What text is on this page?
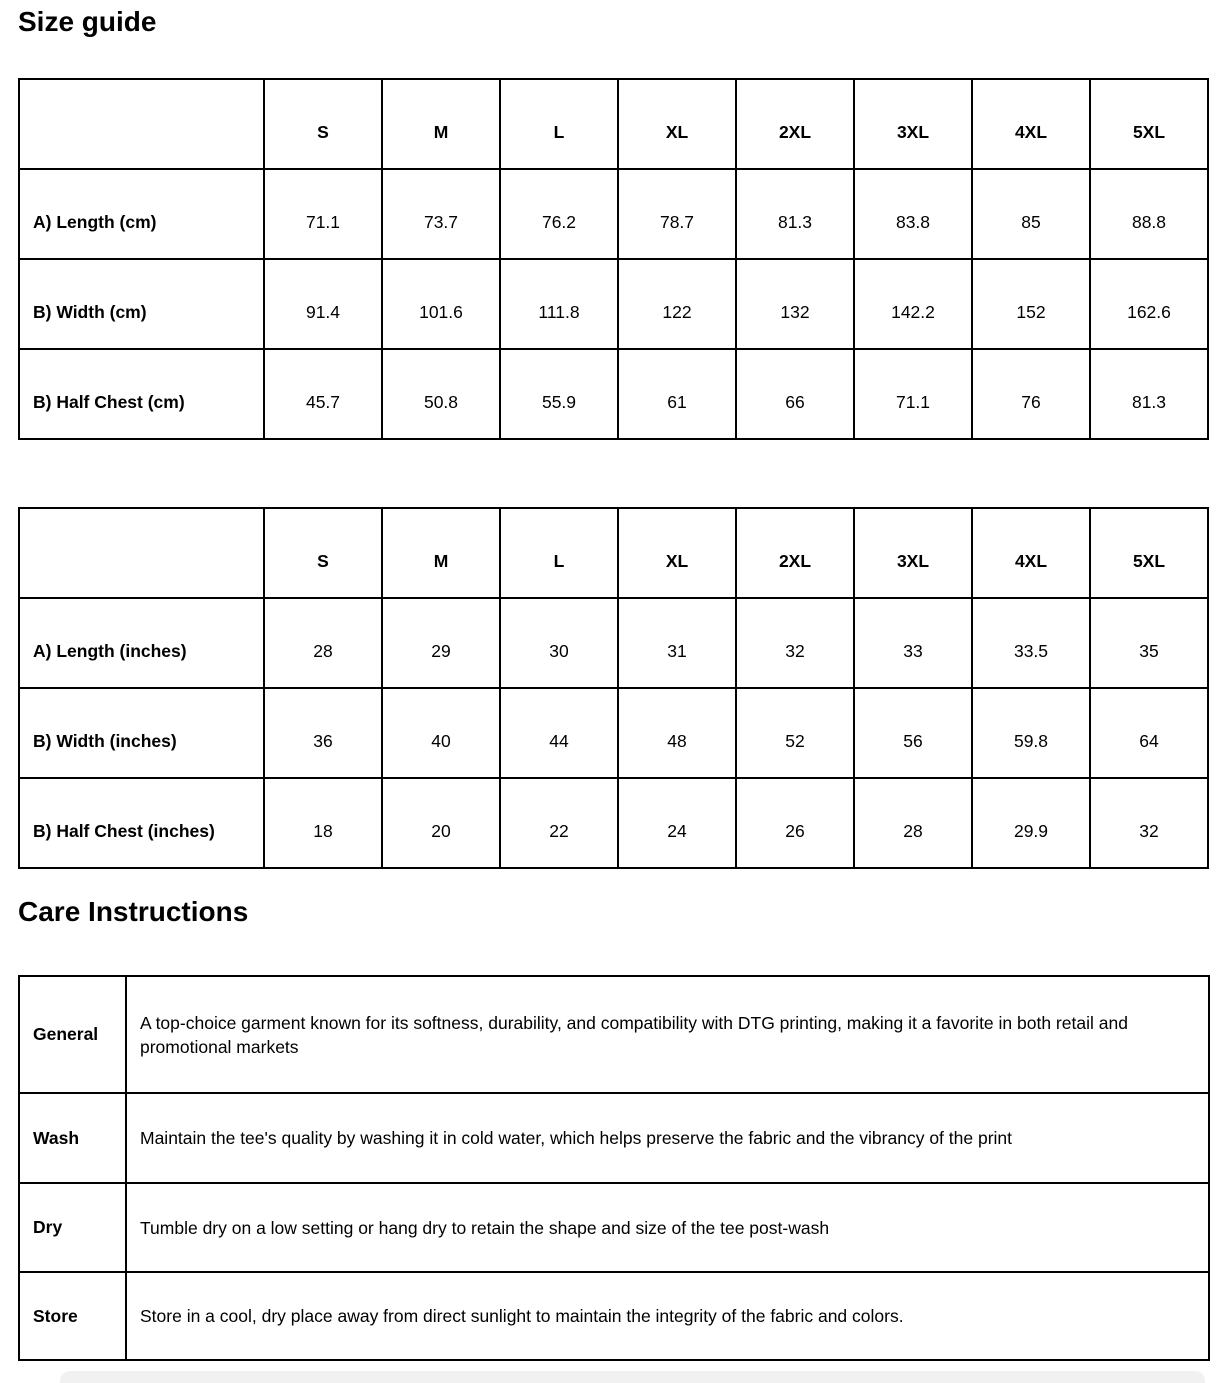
Size guide
	S	M	L	XL	2XL	3XL	4XL	5XL
A) Length (cm)	71.1	73.7	76.2	78.7	81.3	83.8	85	88.8
B) Width (cm)	91.4	101.6	111.8	122	132	142.2	152	162.6
B) Half Chest (cm)	45.7	50.8	55.9	61	66	71.1	76	81.3
	S	M	L	XL	2XL	3XL	4XL	5XL
A) Length (inches)	28	29	30	31	32	33	33.5	35
B) Width (inches)	36	40	44	48	52	56	59.8	64
B) Half Chest (inches)	18	20	22	24	26	28	29.9	32
Care Instructions
General	A top-choice garment known for its softness, durability, and compatibility with DTG printing, making it a favorite in both retail and promotional markets

Wash	Maintain the tee's quality by washing it in cold water, which helps preserve the fabric and the vibrancy of the print

Dry	Tumble dry on a low setting or hang dry to retain the shape and size of the tee post-wash

Store	Store in a cool, dry place away from direct sunlight to maintain the integrity of the fabric and colors.
